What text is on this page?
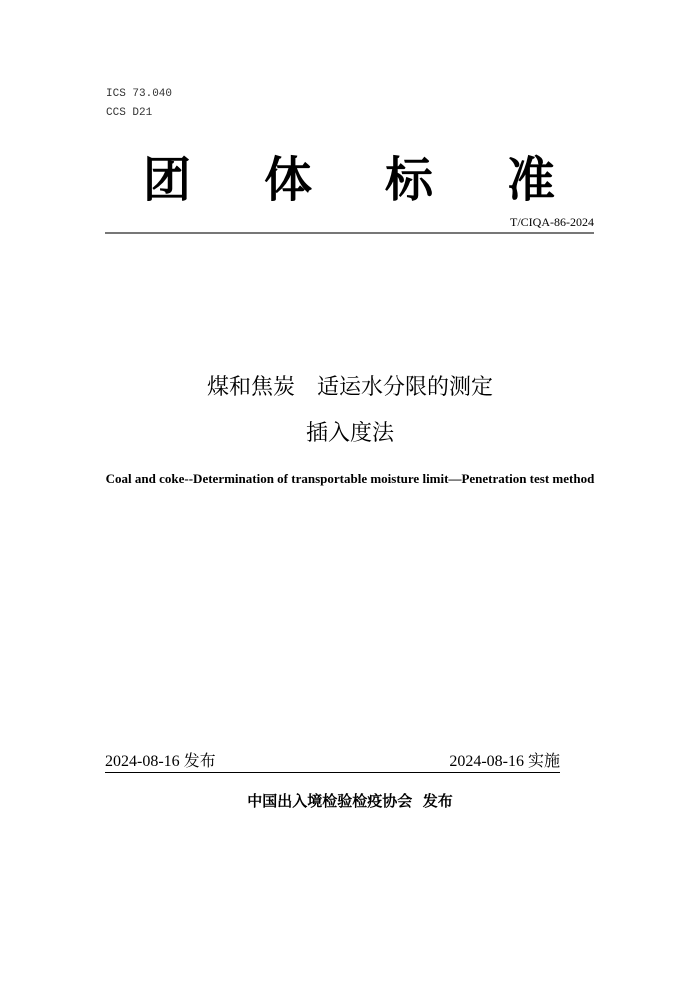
ICS 73.040
CCS D21
团 体 标 准
T/CIQA-86-2024
煤和焦炭 适运水分限的测定
插入度法
Coal and coke--Determination of transportable moisture limit—Penetration test method
2024-08-16 发布	2024-08-16 实施
中国出入境检验检疫协会  发布
